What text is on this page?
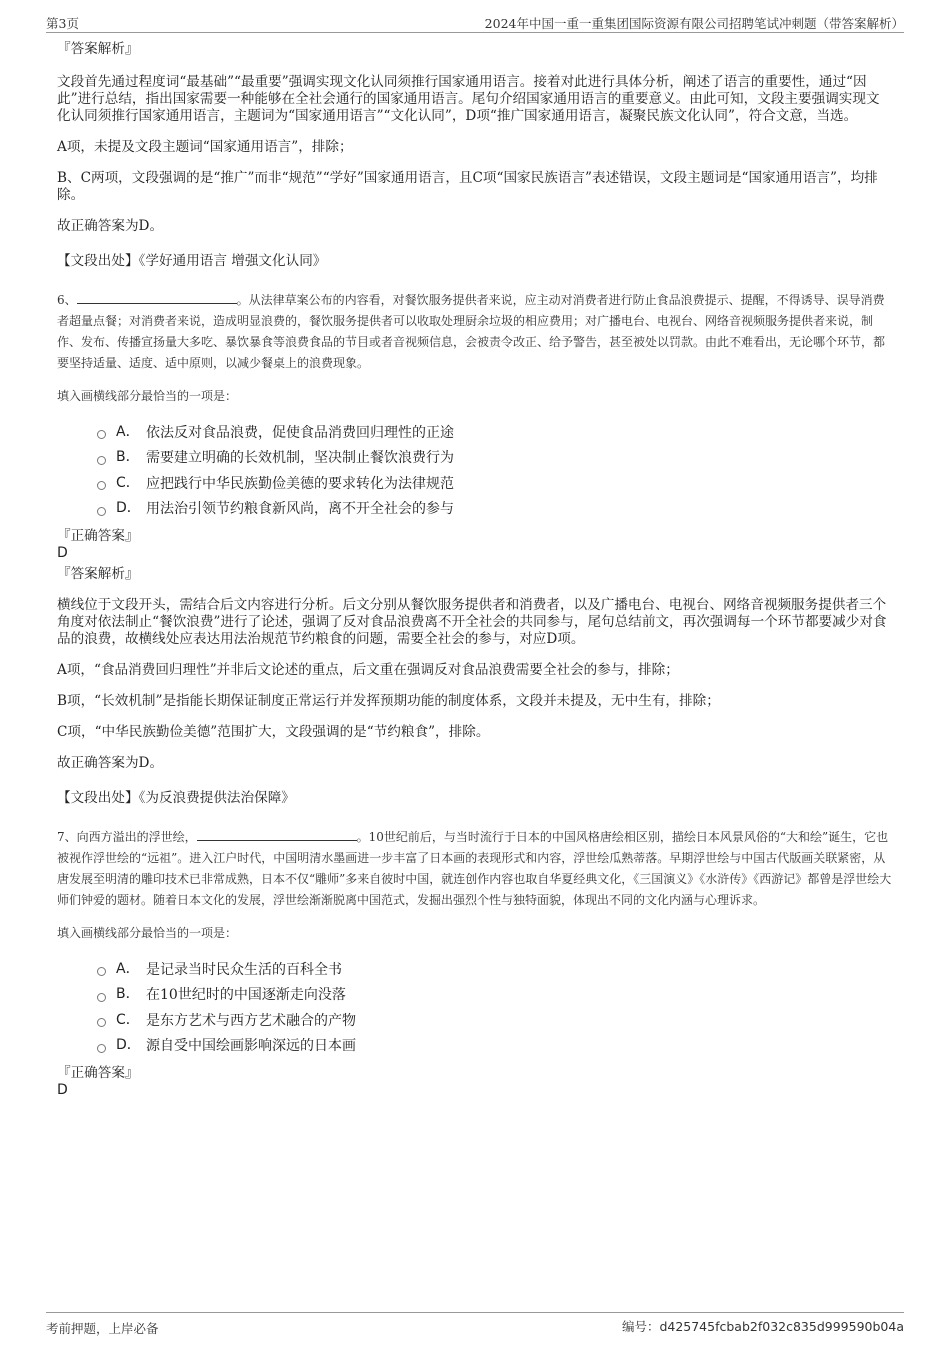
第3页	2024年中国一重一重集团国际资源有限公司招聘笔试冲刺题（带答案解析）
『答案解析』

文段首先通过程度词“最基础”“最重要”强调实现文化认同须推行国家通用语言。接着对此进行具体分析，阐述了语言的重要性，通过“因此”进行总结，指出国家需要一种能够在全社会通行的国家通用语言。尾句介绍国家通用语言的重要意义。由此可知，文段主要强调实现文化认同须推行国家通用语言，主题词为“国家通用语言”“文化认同”，D项“推广国家通用语言，凝聚民族文化认同”，符合文意，当选。

A项，未提及文段主题词“国家通用语言”，排除；

B、C两项，文段强调的是“推广”而非“规范”“学好”国家通用语言，且C项“国家民族语言”表述错误，文段主题词是“国家通用语言”，均排除。

故正确答案为D。

【文段出处】《学好通用语言 增强文化认同》

6、	。从法律草案公布的内容看，对餐饮服务提供者来说，应主动对消费者进行防止食品浪费提示、提醒，不得诱导、误导消费者超量点餐；对消费者来说，造成明显浪费的，餐饮服务提供者可以收取处理厨余垃圾的相应费用；对广播电台、电视台、网络音视频服务提供者来说，制作、发布、传播宣扬量大多吃、暴饮暴食等浪费食品的节目或者音视频信息，会被责令改正、给予警告，甚至被处以罚款。由此不难看出，无论哪个环节，都要坚持适量、适度、适中原则，以减少餐桌上的浪费现象。

填入画横线部分最恰当的一项是：

A． 依法反对食品浪费，促使食品消费回归理性的正途
B． 需要建立明确的长效机制，坚决制止餐饮浪费行为
C． 应把践行中华民族勤俭美德的要求转化为法律规范
D． 用法治引领节约粮食新风尚，离不开全社会的参与
『正确答案』
D
『答案解析』

横线位于文段开头，需结合后文内容进行分析。后文分别从餐饮服务提供者和消费者，以及广播电台、电视台、网络音视频服务提供者三个角度对依法制止“餐饮浪费”进行了论述，强调了反对食品浪费离不开全社会的共同参与，尾句总结前文，再次强调每一个环节都要减少对食品的浪费，故横线处应表达用法治规范节约粮食的问题，需要全社会的参与，对应D项。

A项，“食品消费回归理性”并非后文论述的重点，后文重在强调反对食品浪费需要全社会的参与，排除；

B项，“长效机制”是指能长期保证制度正常运行并发挥预期功能的制度体系，文段并未提及，无中生有，排除；

C项，“中华民族勤俭美德”范围扩大，文段强调的是“节约粮食”，排除。

故正确答案为D。

【文段出处】《为反浪费提供法治保障》

7、向西方溢出的浮世绘，	。10世纪前后，与当时流行于日本的中国风格唐绘相区别，描绘日本风景风俗的“大和绘”诞生，它也被视作浮世绘的“远祖”。进入江户时代，中国明清水墨画进一步丰富了日本画的表现形式和内容，浮世绘瓜熟蒂落。早期浮世绘与中国古代版画关联紧密，从唐发展至明清的雕印技术已非常成熟，日本不仅“雕师”多来自彼时中国，就连创作内容也取自华夏经典文化，《三国演义》《水浒传》《西游记》都曾是浮世绘大师们钟爱的题材。随着日本文化的发展，浮世绘渐渐脱离中国范式，发掘出强烈个性与独特面貌，体现出不同的文化内涵与心理诉求。

填入画横线部分最恰当的一项是：

A． 是记录当时民众生活的百科全书
B． 在10世纪时的中国逐渐走向没落
C． 是东方艺术与西方艺术融合的产物
D． 源自受中国绘画影响深远的日本画
『正确答案』
D
考前押题，上岸必备	编号：d425745fcbab2f032c835d999590b04a
